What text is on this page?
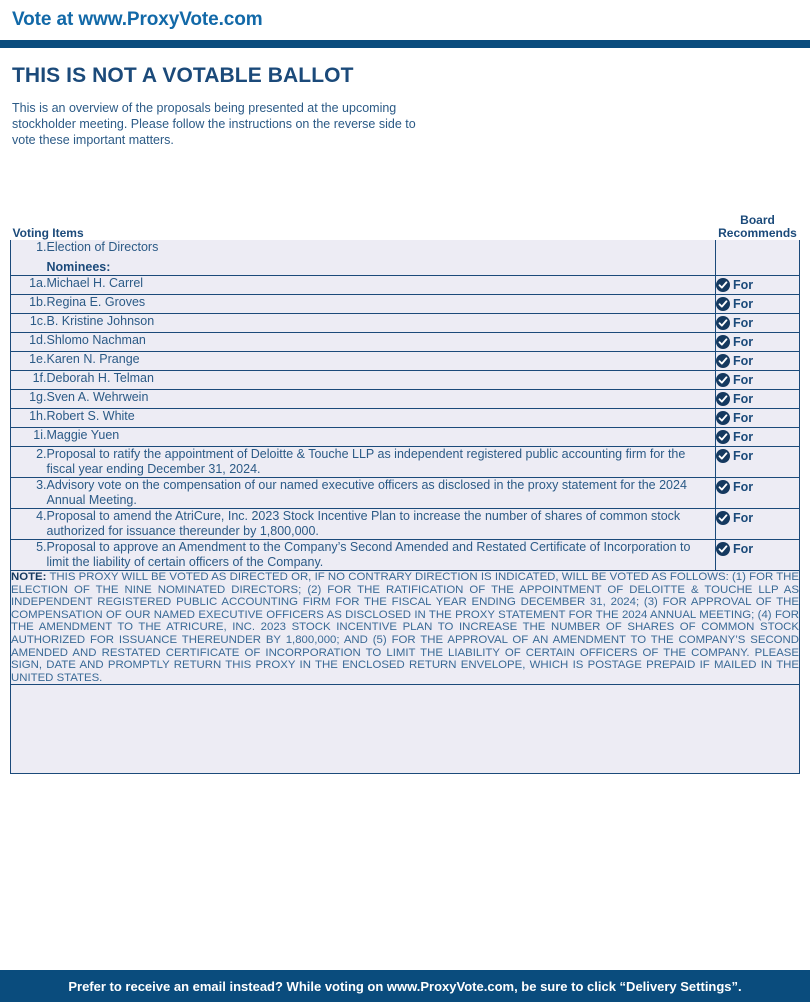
Vote at www.ProxyVote.com
THIS IS NOT A VOTABLE BALLOT
This is an overview of the proposals being presented at the upcoming stockholder meeting. Please follow the instructions on the reverse side to vote these important matters.
Voting Items		Board
Recommends
1.	Election of Directors
Nominees:	

1a.	Michael H. Carrel	For
1b.	Regina E. Groves	For
1c.	B. Kristine Johnson	For
1d.	Shlomo Nachman	For
1e.	Karen N. Prange	For
1f.	Deborah H. Telman	For
1g.	Sven A. Wehrwein	For
1h.	Robert S. White	For
1i.	Maggie Yuen	For
2.	Proposal to ratify the appointment of Deloitte & Touche LLP as independent registered public accounting firm for the fiscal year ending December 31, 2024.	For
3.	Advisory vote on the compensation of our named executive officers as disclosed in the proxy statement for the 2024 Annual Meeting.	For
4.	Proposal to amend the AtriCure, Inc. 2023 Stock Incentive Plan to increase the number of shares of common stock authorized for issuance thereunder by 1,800,000.	For
5.	Proposal to approve an Amendment to the Company’s Second Amended and Restated Certificate of Incorporation to limit the liability of certain officers of the Company.	For
NOTE: THIS PROXY WILL BE VOTED AS DIRECTED OR, IF NO CONTRARY DIRECTION IS INDICATED, WILL BE VOTED AS FOLLOWS: (1) FOR THE ELECTION OF THE NINE NOMINATED DIRECTORS; (2) FOR THE RATIFICATION OF THE APPOINTMENT OF DELOITTE & TOUCHE LLP AS INDEPENDENT REGISTERED PUBLIC ACCOUNTING FIRM FOR THE FISCAL YEAR ENDING DECEMBER 31, 2024; (3) FOR APPROVAL OF THE COMPENSATION OF OUR NAMED EXECUTIVE OFFICERS AS DISCLOSED IN THE PROXY STATEMENT FOR THE 2024 ANNUAL MEETING; (4) FOR THE AMENDMENT TO THE ATRICURE, INC. 2023 STOCK INCENTIVE PLAN TO INCREASE THE NUMBER OF SHARES OF COMMON STOCK AUTHORIZED FOR ISSUANCE THEREUNDER BY 1,800,000; AND (5) FOR THE APPROVAL OF AN AMENDMENT TO THE COMPANY’S SECOND AMENDED AND RESTATED CERTIFICATE OF INCORPORATION TO LIMIT THE LIABILITY OF CERTAIN OFFICERS OF THE COMPANY. PLEASE SIGN, DATE AND PROMPTLY RETURN THIS PROXY IN THE ENCLOSED RETURN ENVELOPE, WHICH IS POSTAGE PREPAID IF MAILED IN THE UNITED STATES.		

Prefer to receive an email instead? While voting on www.ProxyVote.com, be sure to click “Delivery Settings”.
